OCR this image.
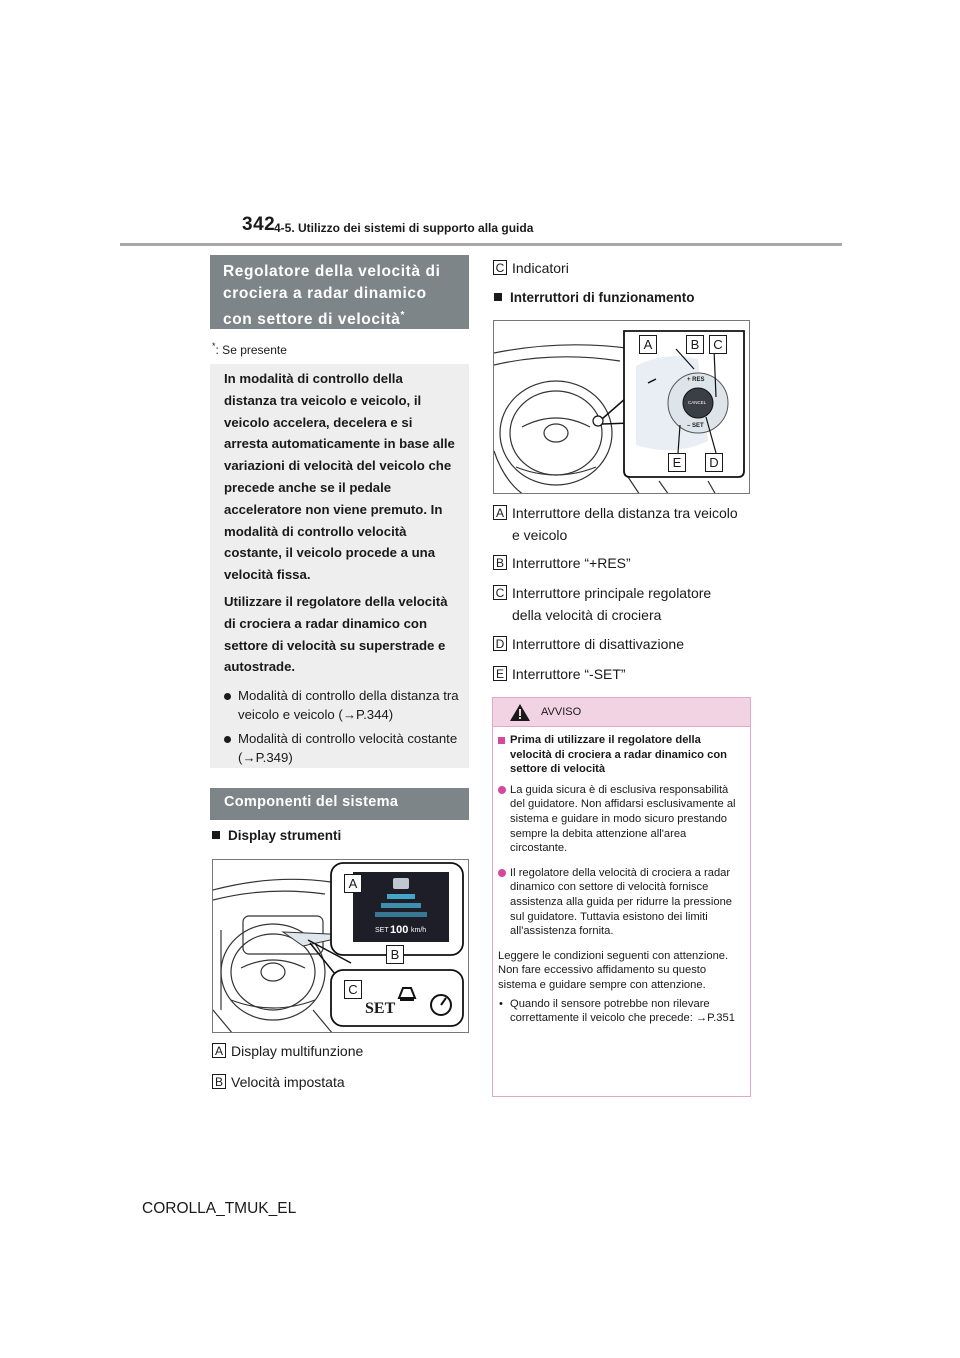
342
4-5. Utilizzo dei sistemi di supporto alla guida
Regolatore della velocità di
crociera a radar dinamico
con settore di velocità*
*: Se presente

In modalità di controllo della distanza tra veicolo e veicolo, il veicolo accelera, decelera e si arresta automaticamente in base alle variazioni di velocità del veicolo che precede anche se il pedale acceleratore non viene premuto. In modalità di controllo velocità costante, il veicolo procede a una velocità fissa.

Utilizzare il regolatore della velocità di crociera a radar dinamico con settore di velocità su superstrade e autostrade.

Modalità di controllo della distanza tra veicolo e veicolo (→P.344)
Modalità di controllo velocità costante (→P.349)
Componenti del sistema
Display strumenti
A
B
C
SET 100 km/h
SET
A Display multifunzione
B Velocità impostata
C Indicatori
Interruttori di funzionamento
A	B	C
D
E
+ RES
CANCEL
– SET
A Interruttore della distanza tra veicolo e veicolo
B Interruttore “+RES”
C Interruttore principale regolatore della velocità di crociera
D Interruttore di disattivazione
E Interruttore “-SET”
AVVISO
Prima di utilizzare il regolatore della velocità di crociera a radar dinamico con settore di velocità
La guida sicura è di esclusiva responsabilità del guidatore. Non affidarsi esclusivamente al sistema e guidare in modo sicuro prestando sempre la debita attenzione all'area circostante.
Il regolatore della velocità di crociera a radar dinamico con settore di velocità fornisce assistenza alla guida per ridurre la pressione sul guidatore. Tuttavia esistono dei limiti all'assistenza fornita.
Leggere le condizioni seguenti con attenzione. Non fare eccessivo affidamento su questo sistema e guidare sempre con attenzione.
• Quando il sensore potrebbe non rilevare correttamente il veicolo che precede: →P.351
COROLLA_TMUK_EL
